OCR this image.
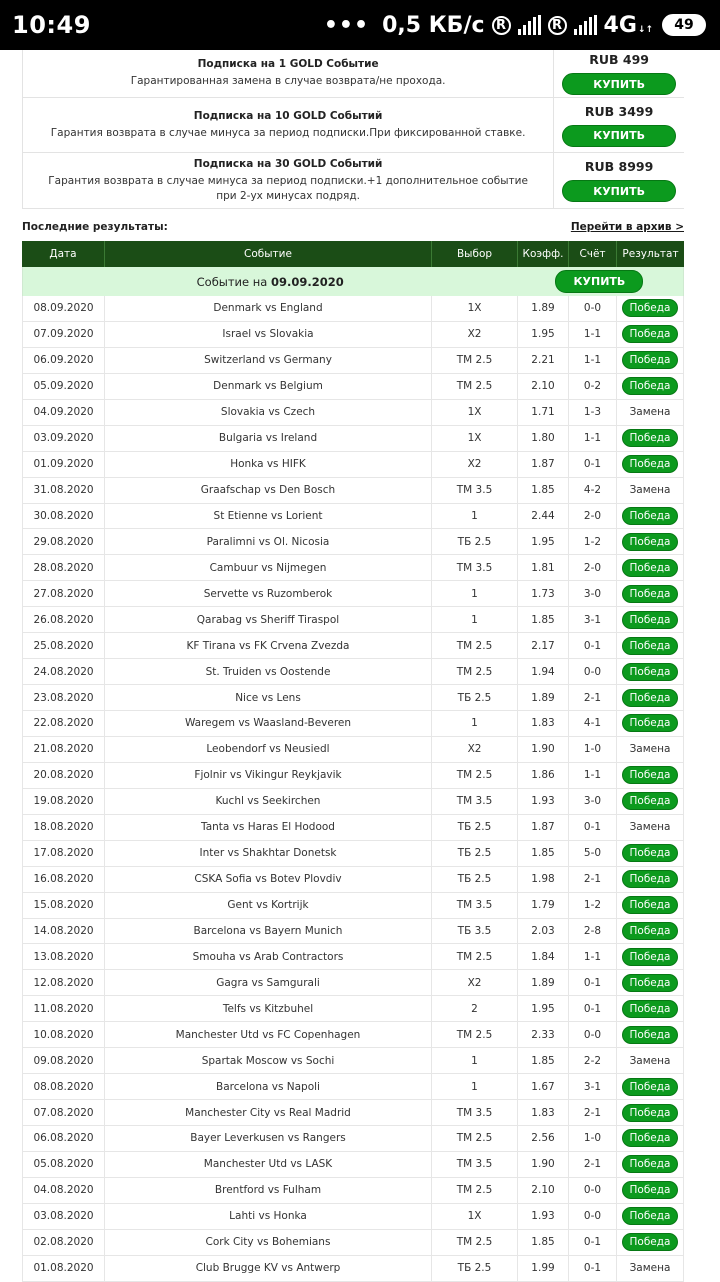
10:49	••• 0,5 КБ/с R	R 4G↓↑	49
Подписка на 1 GOLD Событие
Гарантированная замена в случае возврата/не прохода.
RUB 499
КУПИТЬ
Подписка на 10 GOLD Событий
Гарантия возврата в случае минуса за период подписки.При фиксированной ставке.
RUB 3499
КУПИТЬ
Подписка на 30 GOLD Событий
Гарантия возврата в случае минуса за период подписки.+1 дополнительное событие при 2-ух минусах подряд.
RUB 8999
КУПИТЬ
Последние результаты:	Перейти в архив >
Дата	Событие	Выбор	Коэфф.	Счёт	Результат
Событие на 09.09.2020	КУПИТЬ
08.09.2020	Denmark vs England	1X	1.89	0-0	Победа
07.09.2020	Israel vs Slovakia	X2	1.95	1-1	Победа
06.09.2020	Switzerland vs Germany	ТМ 2.5	2.21	1-1	Победа
05.09.2020	Denmark vs Belgium	ТМ 2.5	2.10	0-2	Победа
04.09.2020	Slovakia vs Czech	1X	1.71	1-3	Замена
03.09.2020	Bulgaria vs Ireland	1X	1.80	1-1	Победа
01.09.2020	Honka vs HIFK	X2	1.87	0-1	Победа
31.08.2020	Graafschap vs Den Bosch	ТМ 3.5	1.85	4-2	Замена
30.08.2020	St Etienne vs Lorient	1	2.44	2-0	Победа
29.08.2020	Paralimni vs Ol. Nicosia	ТБ 2.5	1.95	1-2	Победа
28.08.2020	Cambuur vs Nijmegen	ТМ 3.5	1.81	2-0	Победа
27.08.2020	Servette vs Ruzomberok	1	1.73	3-0	Победа
26.08.2020	Qarabag vs Sheriff Tiraspol	1	1.85	3-1	Победа
25.08.2020	KF Tirana vs FK Crvena Zvezda	ТМ 2.5	2.17	0-1	Победа
24.08.2020	St. Truiden vs Oostende	ТМ 2.5	1.94	0-0	Победа
23.08.2020	Nice vs Lens	ТБ 2.5	1.89	2-1	Победа
22.08.2020	Waregem vs Waasland-Beveren	1	1.83	4-1	Победа
21.08.2020	Leobendorf vs Neusiedl	X2	1.90	1-0	Замена
20.08.2020	Fjolnir vs Vikingur Reykjavik	ТМ 2.5	1.86	1-1	Победа
19.08.2020	Kuchl vs Seekirchen	ТМ 3.5	1.93	3-0	Победа
18.08.2020	Tanta vs Haras El Hodood	ТБ 2.5	1.87	0-1	Замена
17.08.2020	Inter vs Shakhtar Donetsk	ТБ 2.5	1.85	5-0	Победа
16.08.2020	CSKA Sofia vs Botev Plovdiv	ТБ 2.5	1.98	2-1	Победа
15.08.2020	Gent vs Kortrijk	ТМ 3.5	1.79	1-2	Победа
14.08.2020	Barcelona vs Bayern Munich	ТБ 3.5	2.03	2-8	Победа
13.08.2020	Smouha vs Arab Contractors	ТМ 2.5	1.84	1-1	Победа
12.08.2020	Gagra vs Samgurali	X2	1.89	0-1	Победа
11.08.2020	Telfs vs Kitzbuhel	2	1.95	0-1	Победа
10.08.2020	Manchester Utd vs FC Copenhagen	ТМ 2.5	2.33	0-0	Победа
09.08.2020	Spartak Moscow vs Sochi	1	1.85	2-2	Замена
08.08.2020	Barcelona vs Napoli	1	1.67	3-1	Победа
07.08.2020	Manchester City vs Real Madrid	ТМ 3.5	1.83	2-1	Победа
06.08.2020	Bayer Leverkusen vs Rangers	ТМ 2.5	2.56	1-0	Победа
05.08.2020	Manchester Utd vs LASK	ТМ 3.5	1.90	2-1	Победа
04.08.2020	Brentford vs Fulham	ТМ 2.5	2.10	0-0	Победа
03.08.2020	Lahti vs Honka	1X	1.93	0-0	Победа
02.08.2020	Cork City vs Bohemians	ТМ 2.5	1.85	0-1	Победа
01.08.2020	Club Brugge KV vs Antwerp	ТБ 2.5	1.99	0-1	Замена
